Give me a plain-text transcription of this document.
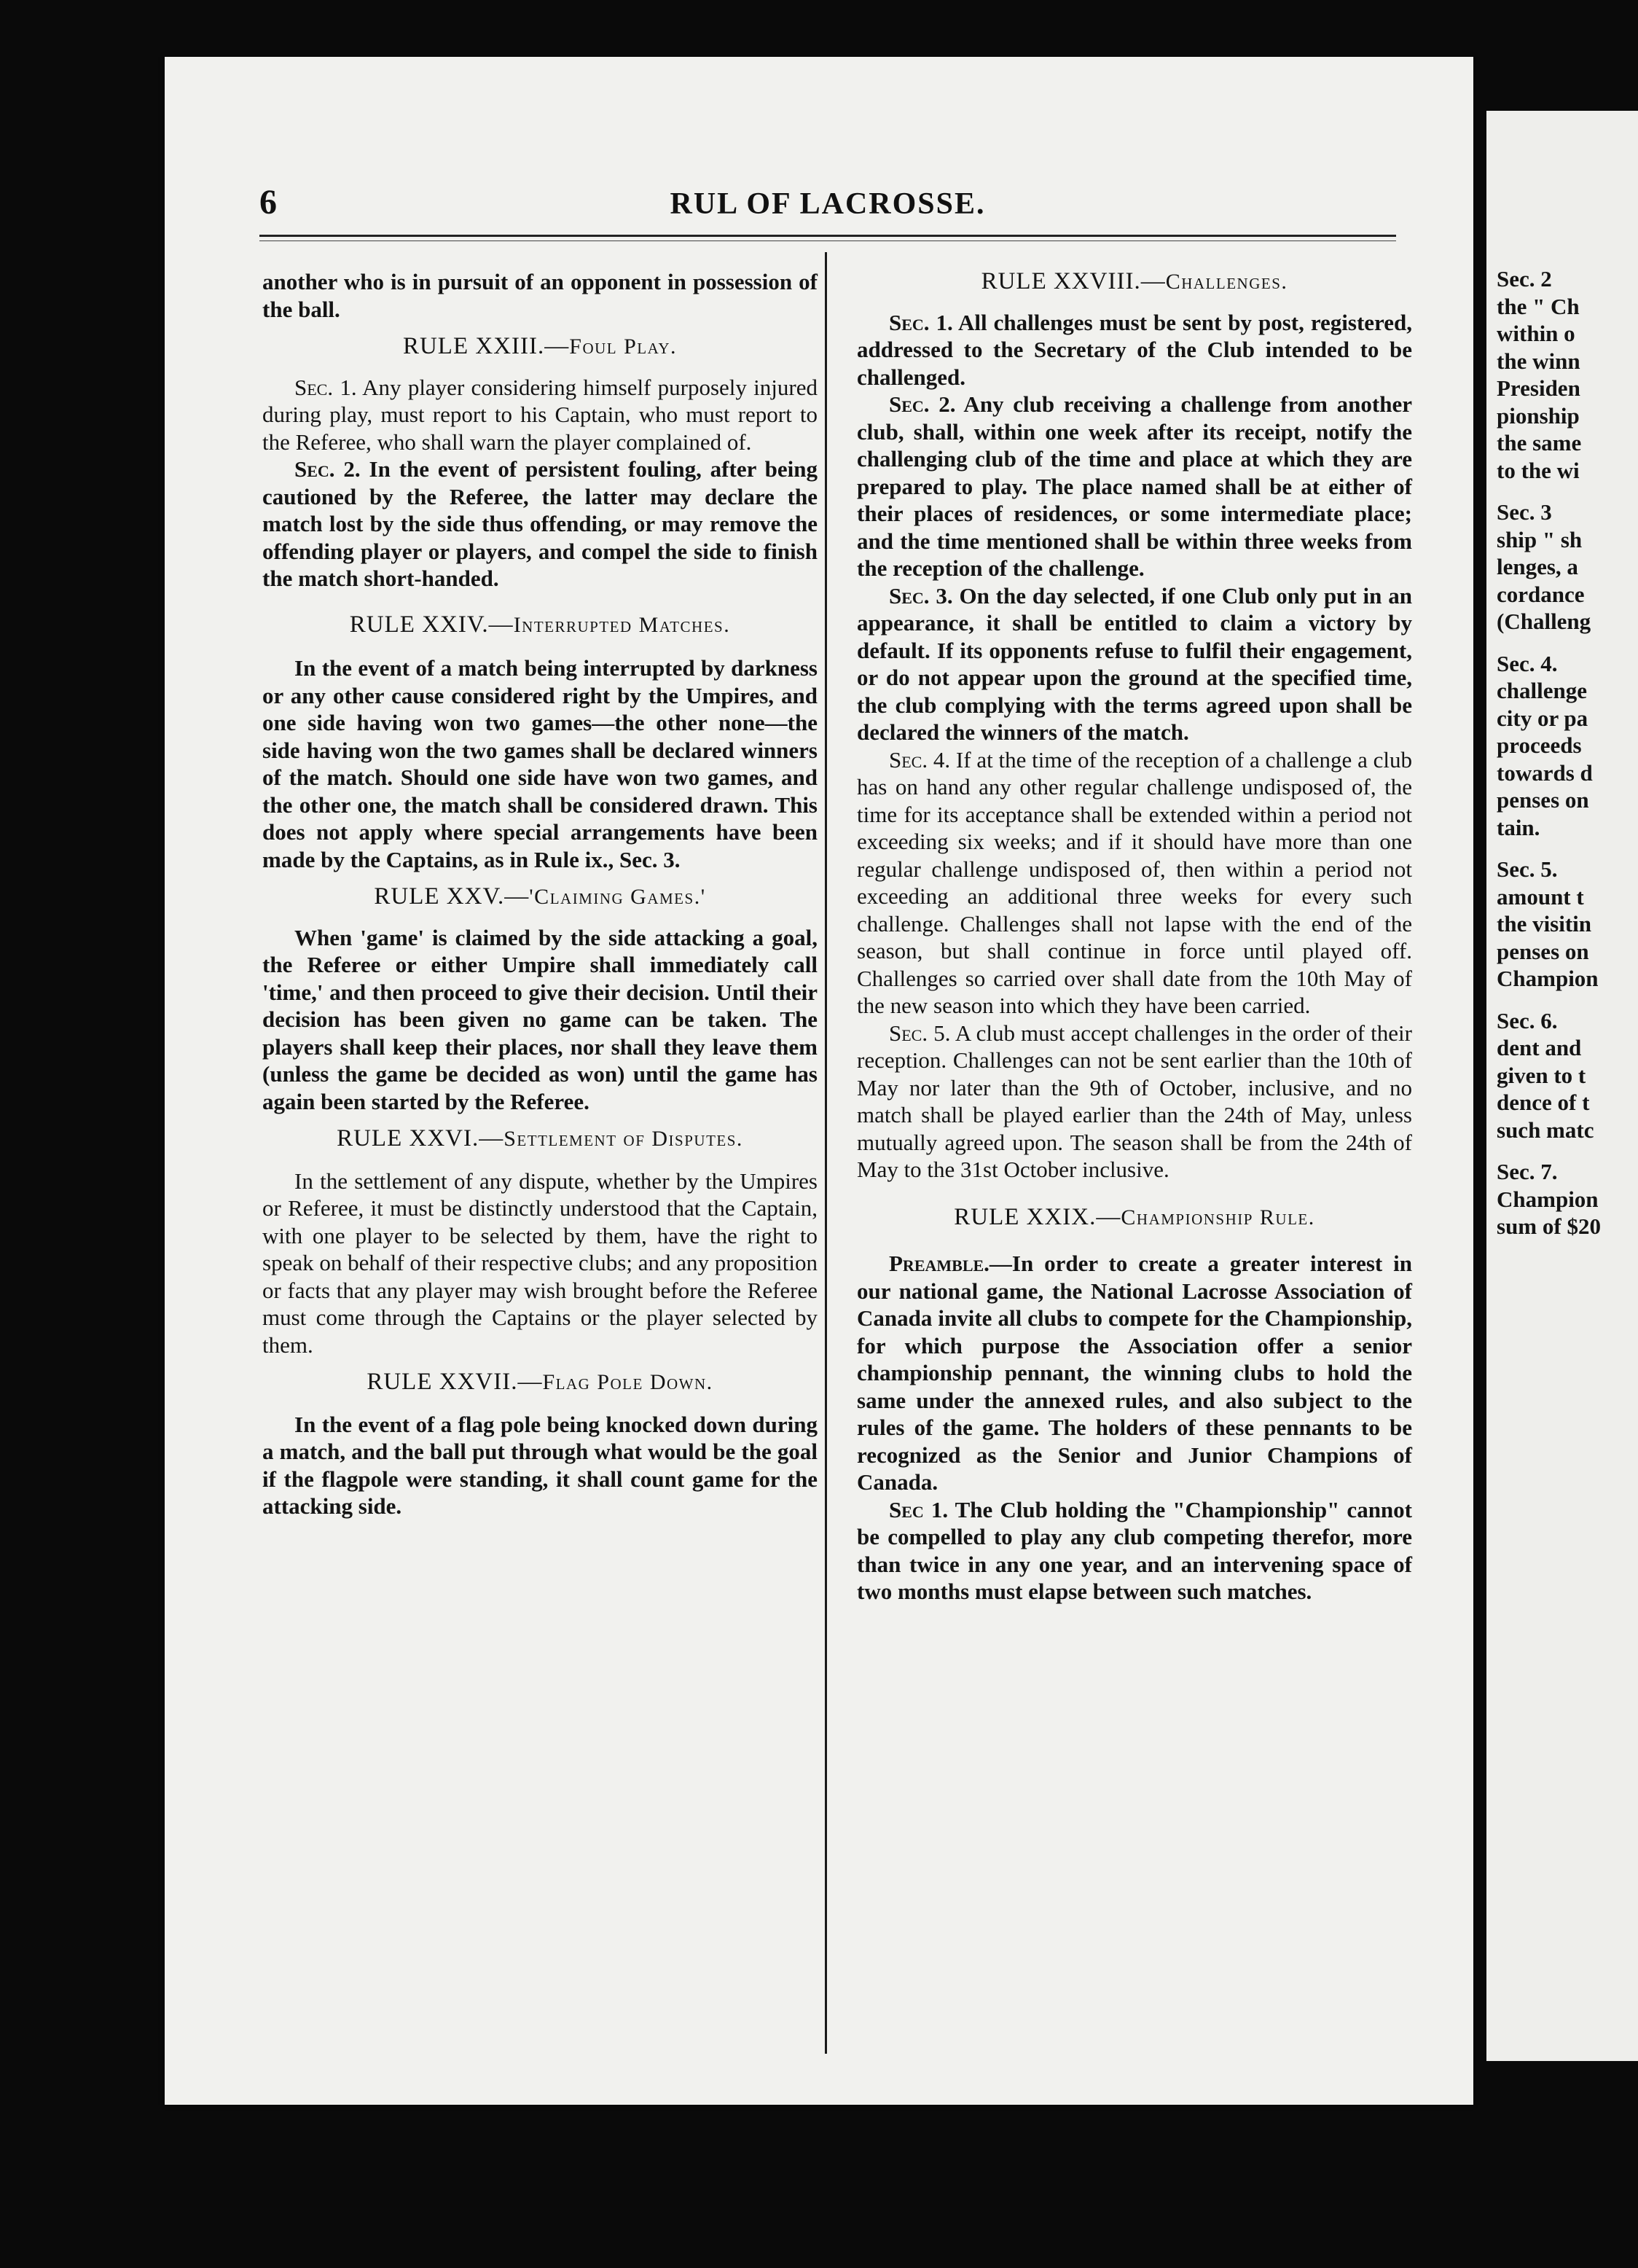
6	RUL OF LACROSSE.

another who is in pursuit of an opponent in possession of the ball.

RULE XXIII.—Foul Play.

Sec. 1. Any player considering himself purposely injured during play, must report to his Captain, who must report to the Referee, who shall warn the player complained of.

Sec. 2. In the event of persistent fouling, after being cautioned by the Referee, the latter may declare the match lost by the side thus offending, or may remove the offending player or players, and compel the side to finish the match short-handed.

RULE XXIV.—Interrupted Matches.

In the event of a match being interrupted by darkness or any other cause considered right by the Umpires, and one side having won two games—the other none—the side having won the two games shall be declared winners of the match. Should one side have won two games, and the other one, the match shall be considered drawn. This does not apply where special arrangements have been made by the Captains, as in Rule ix., Sec. 3.

RULE XXV.—'Claiming Games.'

When 'game' is claimed by the side attacking a goal, the Referee or either Umpire shall immediately call 'time,' and then proceed to give their decision. Until their decision has been given no game can be taken. The players shall keep their places, nor shall they leave them (unless the game be decided as won) until the game has again been started by the Referee.

RULE XXVI.—Settlement of Disputes.

In the settlement of any dispute, whether by the Umpires or Referee, it must be distinctly understood that the Captain, with one player to be selected by them, have the right to speak on behalf of their respective clubs; and any proposition or facts that any player may wish brought before the Referee must come through the Captains or the player selected by them.

RULE XXVII.—Flag Pole Down.

In the event of a flag pole being knocked down during a match, and the ball put through what would be the goal if the flagpole were standing, it shall count game for the attacking side.

RULE XXVIII.—Challenges.

Sec. 1. All challenges must be sent by post, registered, addressed to the Secretary of the Club intended to be challenged.

Sec. 2. Any club receiving a challenge from another club, shall, within one week after its receipt, notify the challenging club of the time and place at which they are prepared to play. The place named shall be at either of their places of residences, or some intermediate place; and the time mentioned shall be within three weeks from the reception of the challenge.

Sec. 3. On the day selected, if one Club only put in an appearance, it shall be entitled to claim a victory by default. If its opponents refuse to fulfil their engagement, or do not appear upon the ground at the specified time, the club complying with the terms agreed upon shall be declared the winners of the match.

Sec. 4. If at the time of the reception of a challenge a club has on hand any other regular challenge undisposed of, the time for its acceptance shall be extended within a period not exceeding six weeks; and if it should have more than one regular challenge undisposed of, then within a period not exceeding an additional three weeks for every such challenge. Challenges shall not lapse with the end of the season, but shall continue in force until played off. Challenges so carried over shall date from the 10th May of the new season into which they have been carried.

Sec. 5. A club must accept challenges in the order of their reception. Challenges can not be sent earlier than the 10th of May nor later than the 9th of October, inclusive, and no match shall be played earlier than the 24th of May, unless mutually agreed upon. The season shall be from the 24th of May to the 31st October inclusive.

RULE XXIX.—Championship Rule.

Preamble.—In order to create a greater interest in our national game, the National Lacrosse Association of Canada invite all clubs to compete for the Championship, for which purpose the Association offer a senior championship pennant, the winning clubs to hold the same under the annexed rules, and also subject to the rules of the game. The holders of these pennants to be recognized as the Senior and Junior Champions of Canada.

Sec 1. The Club holding the "Championship" cannot be compelled to play any club competing therefor, more than twice in any one year, and an intervening space of two months must elapse between such matches.

Sec. 2
the " Ch
within o
the winn
Presiden
pionship
the same
to the wi
Sec. 3
ship " sh
lenges, a
cordance
(Challeng
Sec. 4.
challenge
city or pa
proceeds
towards d
penses on
tain.
Sec. 5.
amount t
the visitin
penses on
Champion
Sec. 6.
dent and
given to t
dence of t
such matc
Sec. 7.
Champion
sum of $20
